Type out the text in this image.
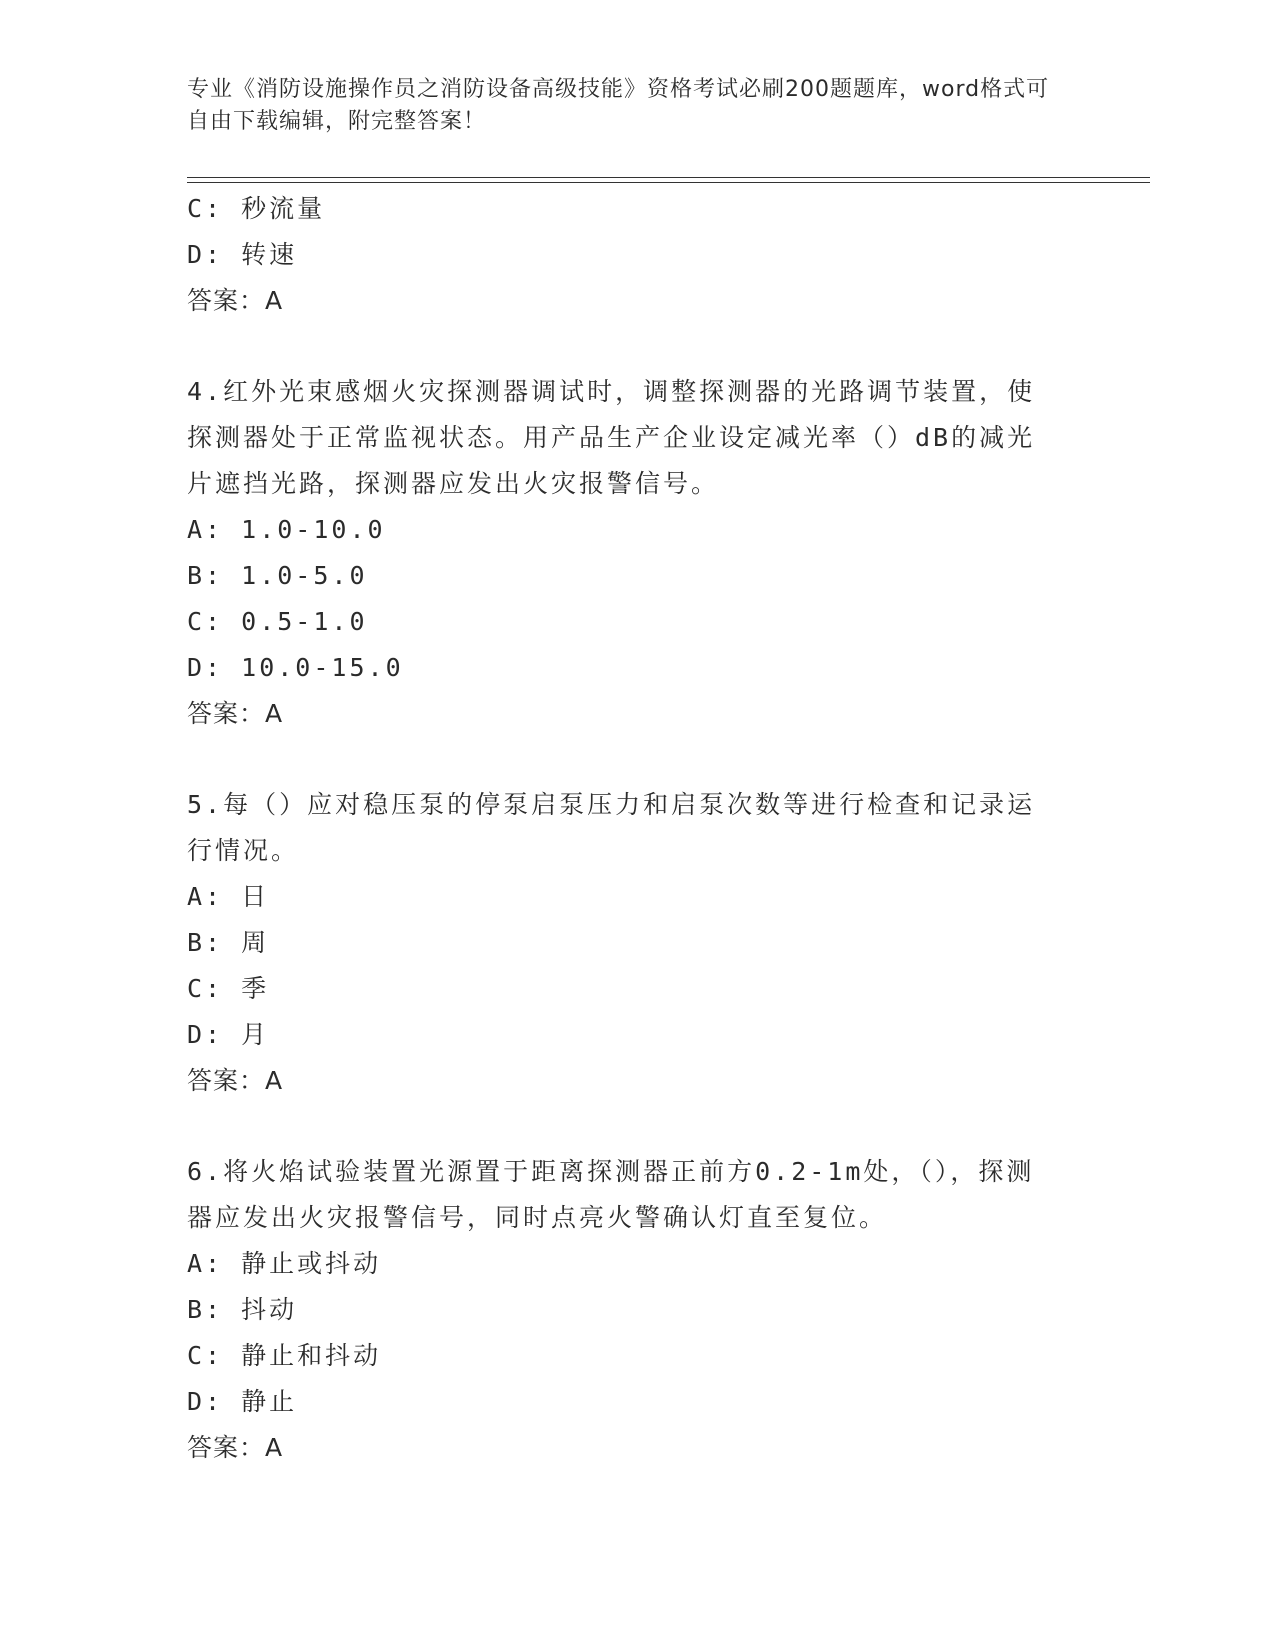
专业《消防设施操作员之消防设备高级技能》资格考试必刷200题题库，word格式可自由下载编辑，附完整答案！
C: 秒流量
D: 转速
答案：A
4.红外光束感烟火灾探测器调试时，调整探测器的光路调节装置，使
探测器处于正常监视状态。用产品生产企业设定减光率（）dB的减光
片遮挡光路，探测器应发出火灾报警信号。
A: 1.0-10.0
B: 1.0-5.0
C: 0.5-1.0
D: 10.0-15.0
答案：A
5.每（）应对稳压泵的停泵启泵压力和启泵次数等进行检查和记录运
行情况。
A: 日
B: 周
C: 季
D: 月
答案：A
6.将火焰试验装置光源置于距离探测器正前方0.2-1m处，（），探测
器应发出火灾报警信号，同时点亮火警确认灯直至复位。
A: 静止或抖动
B: 抖动
C: 静止和抖动
D: 静止
答案：A
